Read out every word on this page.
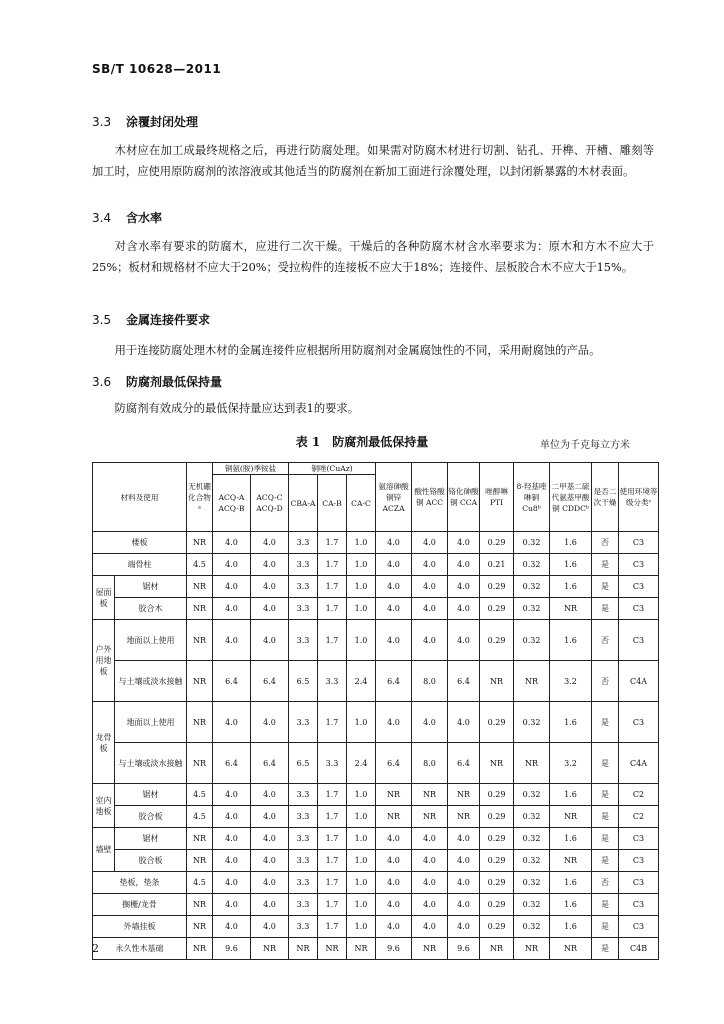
SB/T 10628—2011
3.3 涂覆封闭处理
木材应在加工成最终规格之后，再进行防腐处理。如果需对防腐木材进行切割、钻孔、开榫、开槽、雕刻等加工时，应使用原防腐剂的浓溶液或其他适当的防腐剂在新加工面进行涂覆处理，以封闭新暴露的木材表面。
3.4 含水率
对含水率有要求的防腐木，应进行二次干燥。干燥后的各种防腐木材含水率要求为：原木和方木不应大于25%；板材和规格材不应大于20%；受拉构件的连接板不应大于18%；连接件、层板胶合木不应大于15%。
3.5 金属连接件要求
用于连接防腐处理木材的金属连接件应根据所用防腐剂对金属腐蚀性的不同，采用耐腐蚀的产品。
3.6 防腐剂最低保持量
防腐剂有效成分的最低保持量应达到表1的要求。
表 1　防腐剂最低保持量	单位为千克每立方米
材料及使用		无机硼化合物ᵃ	铜氨(胺)季铵盐		铜唑(CuAz)			氨溶砷酸铜锌 ACZA	酸性铬酸铜 ACC	铬化砷酸铜 CCA	唑醇啉 PTI	8-羟基喹啉铜 Cu8ᵇ	二甲基二硫代氨基甲酸铜 CDDCᵇ	是否二次干燥	使用环境等级分类ᶜ
			ACQ-A ACQ-B	ACQ-C ACQ-D	CBA-A	CA-B	CA-C								
楼板		NR	4.0	4.0	3.3	1.7	1.0	4.0	4.0	4.0	0.29	0.32	1.6	否	C3
端骨柱		4.5	4.0	4.0	3.3	1.7	1.0	4.0	4.0	4.0	0.21	0.32	1.6	是	C3
屋面板	锯材	NR	4.0	4.0	3.3	1.7	1.0	4.0	4.0	4.0	0.29	0.32	1.6	是	C3
	胶合木	NR	4.0	4.0	3.3	1.7	1.0	4.0	4.0	4.0	0.29	0.32	NR	是	C3
户外用地板	地面以上使用	NR	4.0	4.0	3.3	1.7	1.0	4.0	4.0	4.0	0.29	0.32	1.6	否	C3
	与土壤或淡水接触	NR	6.4	6.4	6.5	3.3	2.4	6.4	8.0	6.4	NR	NR	3.2	否	C4A
龙骨板	地面以上使用	NR	4.0	4.0	3.3	1.7	1.0	4.0	4.0	4.0	0.29	0.32	1.6	是	C3
	与土壤或淡水接触	NR	6.4	6.4	6.5	3.3	2.4	6.4	8.0	6.4	NR	NR	3.2	是	C4A
室内地板	锯材	4.5	4.0	4.0	3.3	1.7	1.0	NR	NR	NR	0.29	0.32	1.6	是	C2
	胶合板	4.5	4.0	4.0	3.3	1.7	1.0	NR	NR	NR	0.29	0.32	NR	是	C2
墙壁	锯材	NR	4.0	4.0	3.3	1.7	1.0	4.0	4.0	4.0	0.29	0.32	1.6	是	C3
	胶合板	NR	4.0	4.0	3.3	1.7	1.0	4.0	4.0	4.0	0.29	0.32	NR	是	C3
垫板，垫条		4.5	4.0	4.0	3.3	1.7	1.0	4.0	4.0	4.0	0.29	0.32	1.6	否	C3
搁栅/龙骨		NR	4.0	4.0	3.3	1.7	1.0	4.0	4.0	4.0	0.29	0.32	1.6	是	C3
外墙挂板		NR	4.0	4.0	3.3	1.7	1.0	4.0	4.0	4.0	0.29	0.32	1.6	是	C3
永久性木基础		NR	9.6	NR	NR	NR	NR	9.6	NR	9.6	NR	NR	NR	是	C4B
2
